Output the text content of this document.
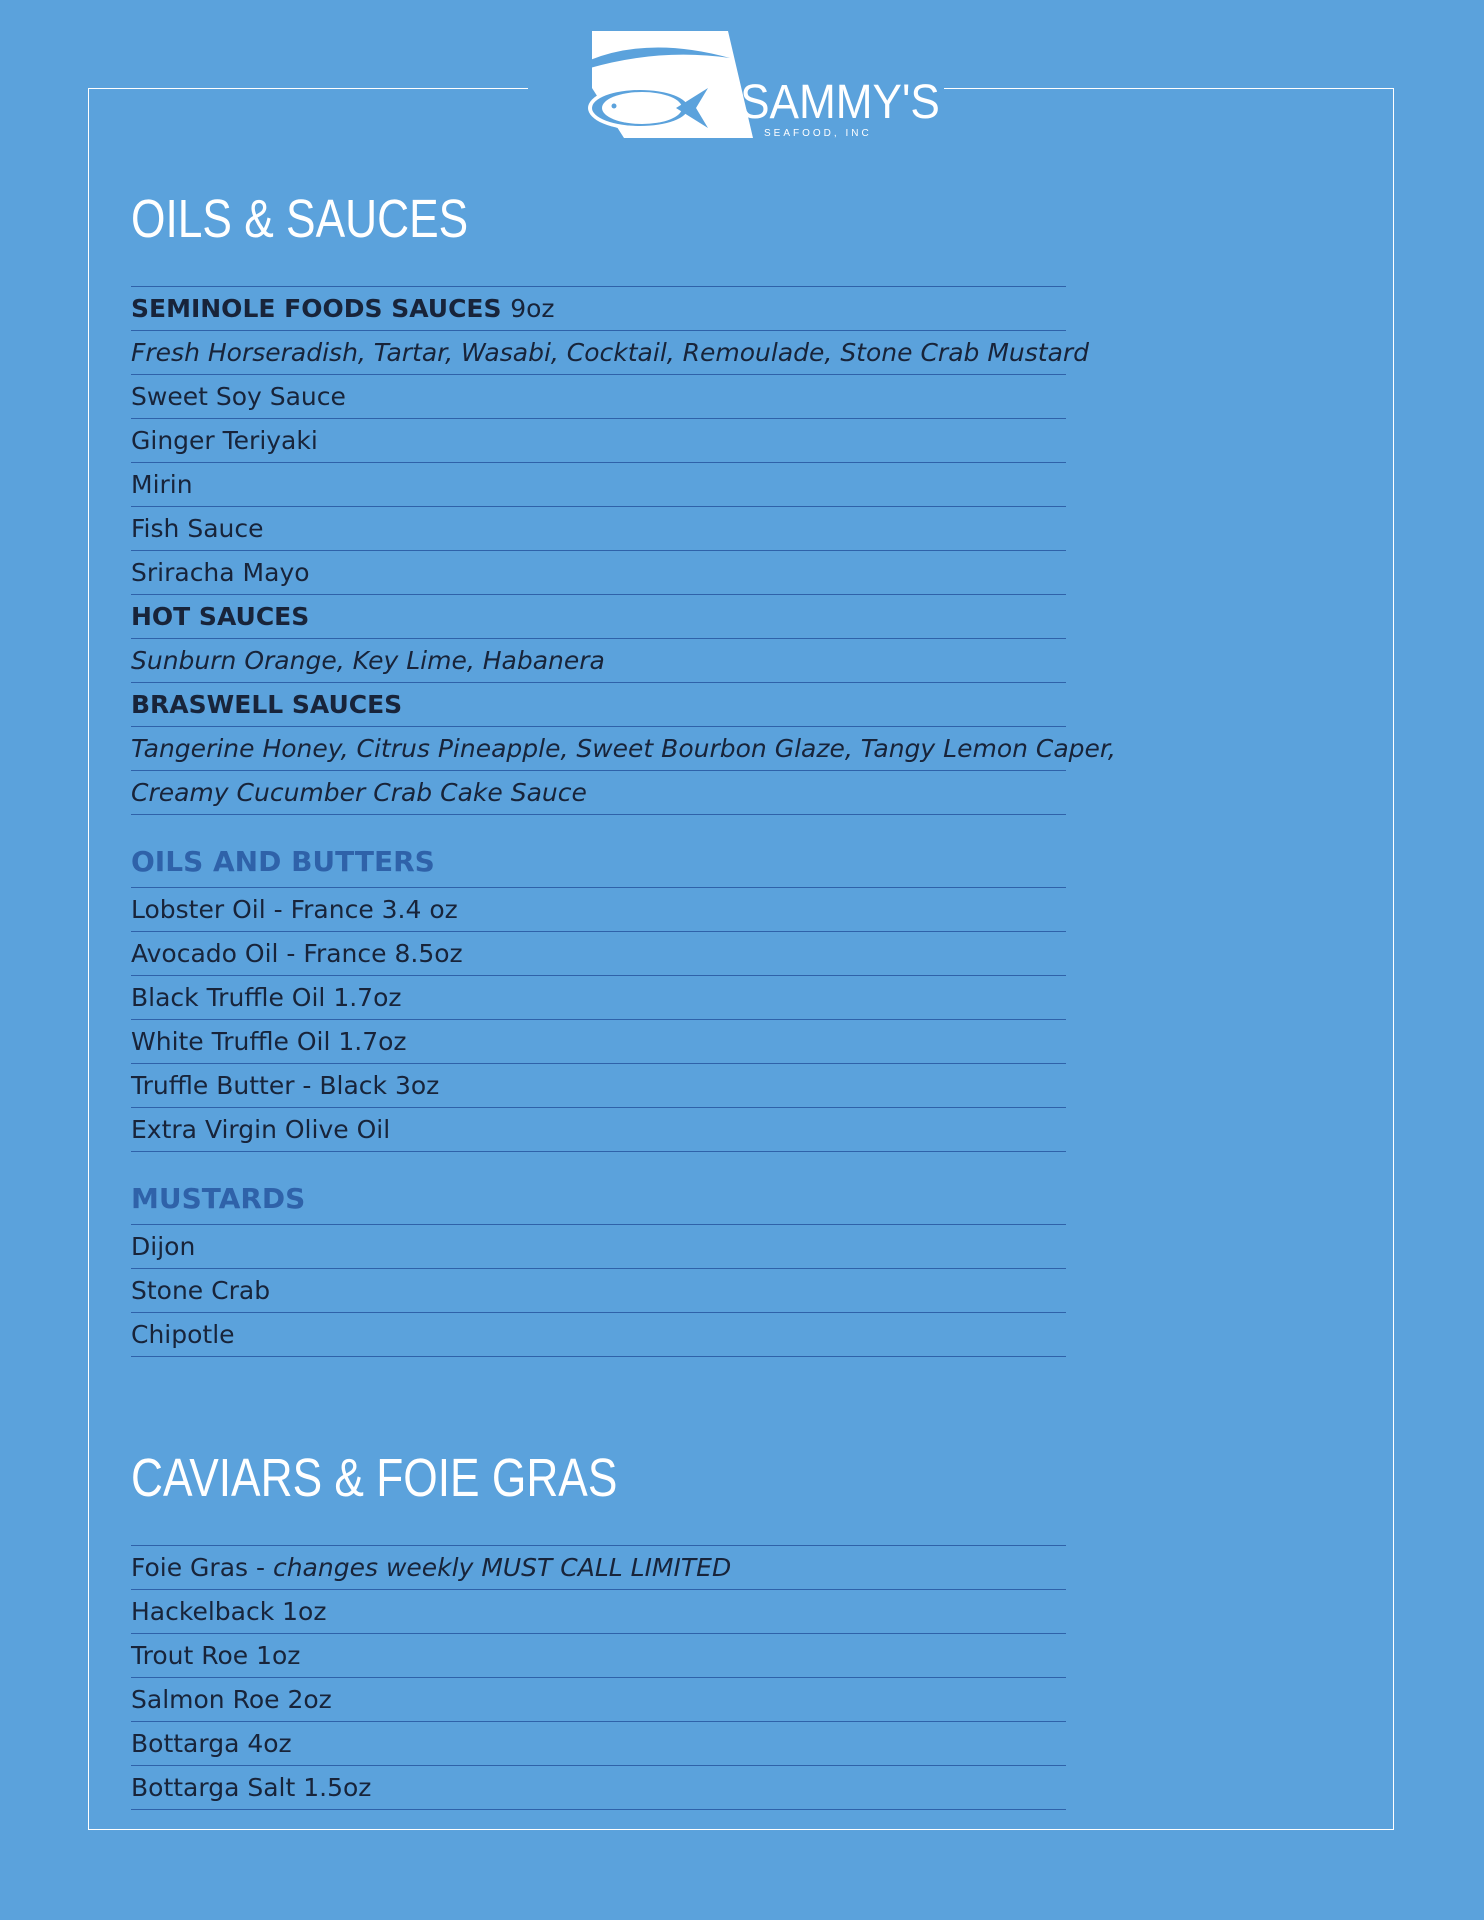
SAMMY'S
SEAFOOD, INC
OILS & SAUCES
SEMINOLE FOODS SAUCES 9oz
Fresh Horseradish, Tartar, Wasabi, Cocktail, Remoulade, Stone Crab Mustard
Sweet Soy Sauce
Ginger Teriyaki
Mirin
Fish Sauce
Sriracha Mayo
HOT SAUCES
Sunburn Orange, Key Lime, Habanera
BRASWELL SAUCES
Tangerine Honey, Citrus Pineapple, Sweet Bourbon Glaze, Tangy Lemon Caper,
Creamy Cucumber Crab Cake Sauce
OILS AND BUTTERS
Lobster Oil - France 3.4 oz
Avocado Oil - France 8.5oz
Black Truffle Oil 1.7oz
White Truffle Oil 1.7oz
Truffle Butter - Black 3oz
Extra Virgin Olive Oil
MUSTARDS
Dijon
Stone Crab
Chipotle
CAVIARS & FOIE GRAS
Foie Gras - changes weekly MUST CALL LIMITED
Hackelback 1oz
Trout Roe 1oz
Salmon Roe 2oz
Bottarga 4oz
Bottarga Salt 1.5oz
